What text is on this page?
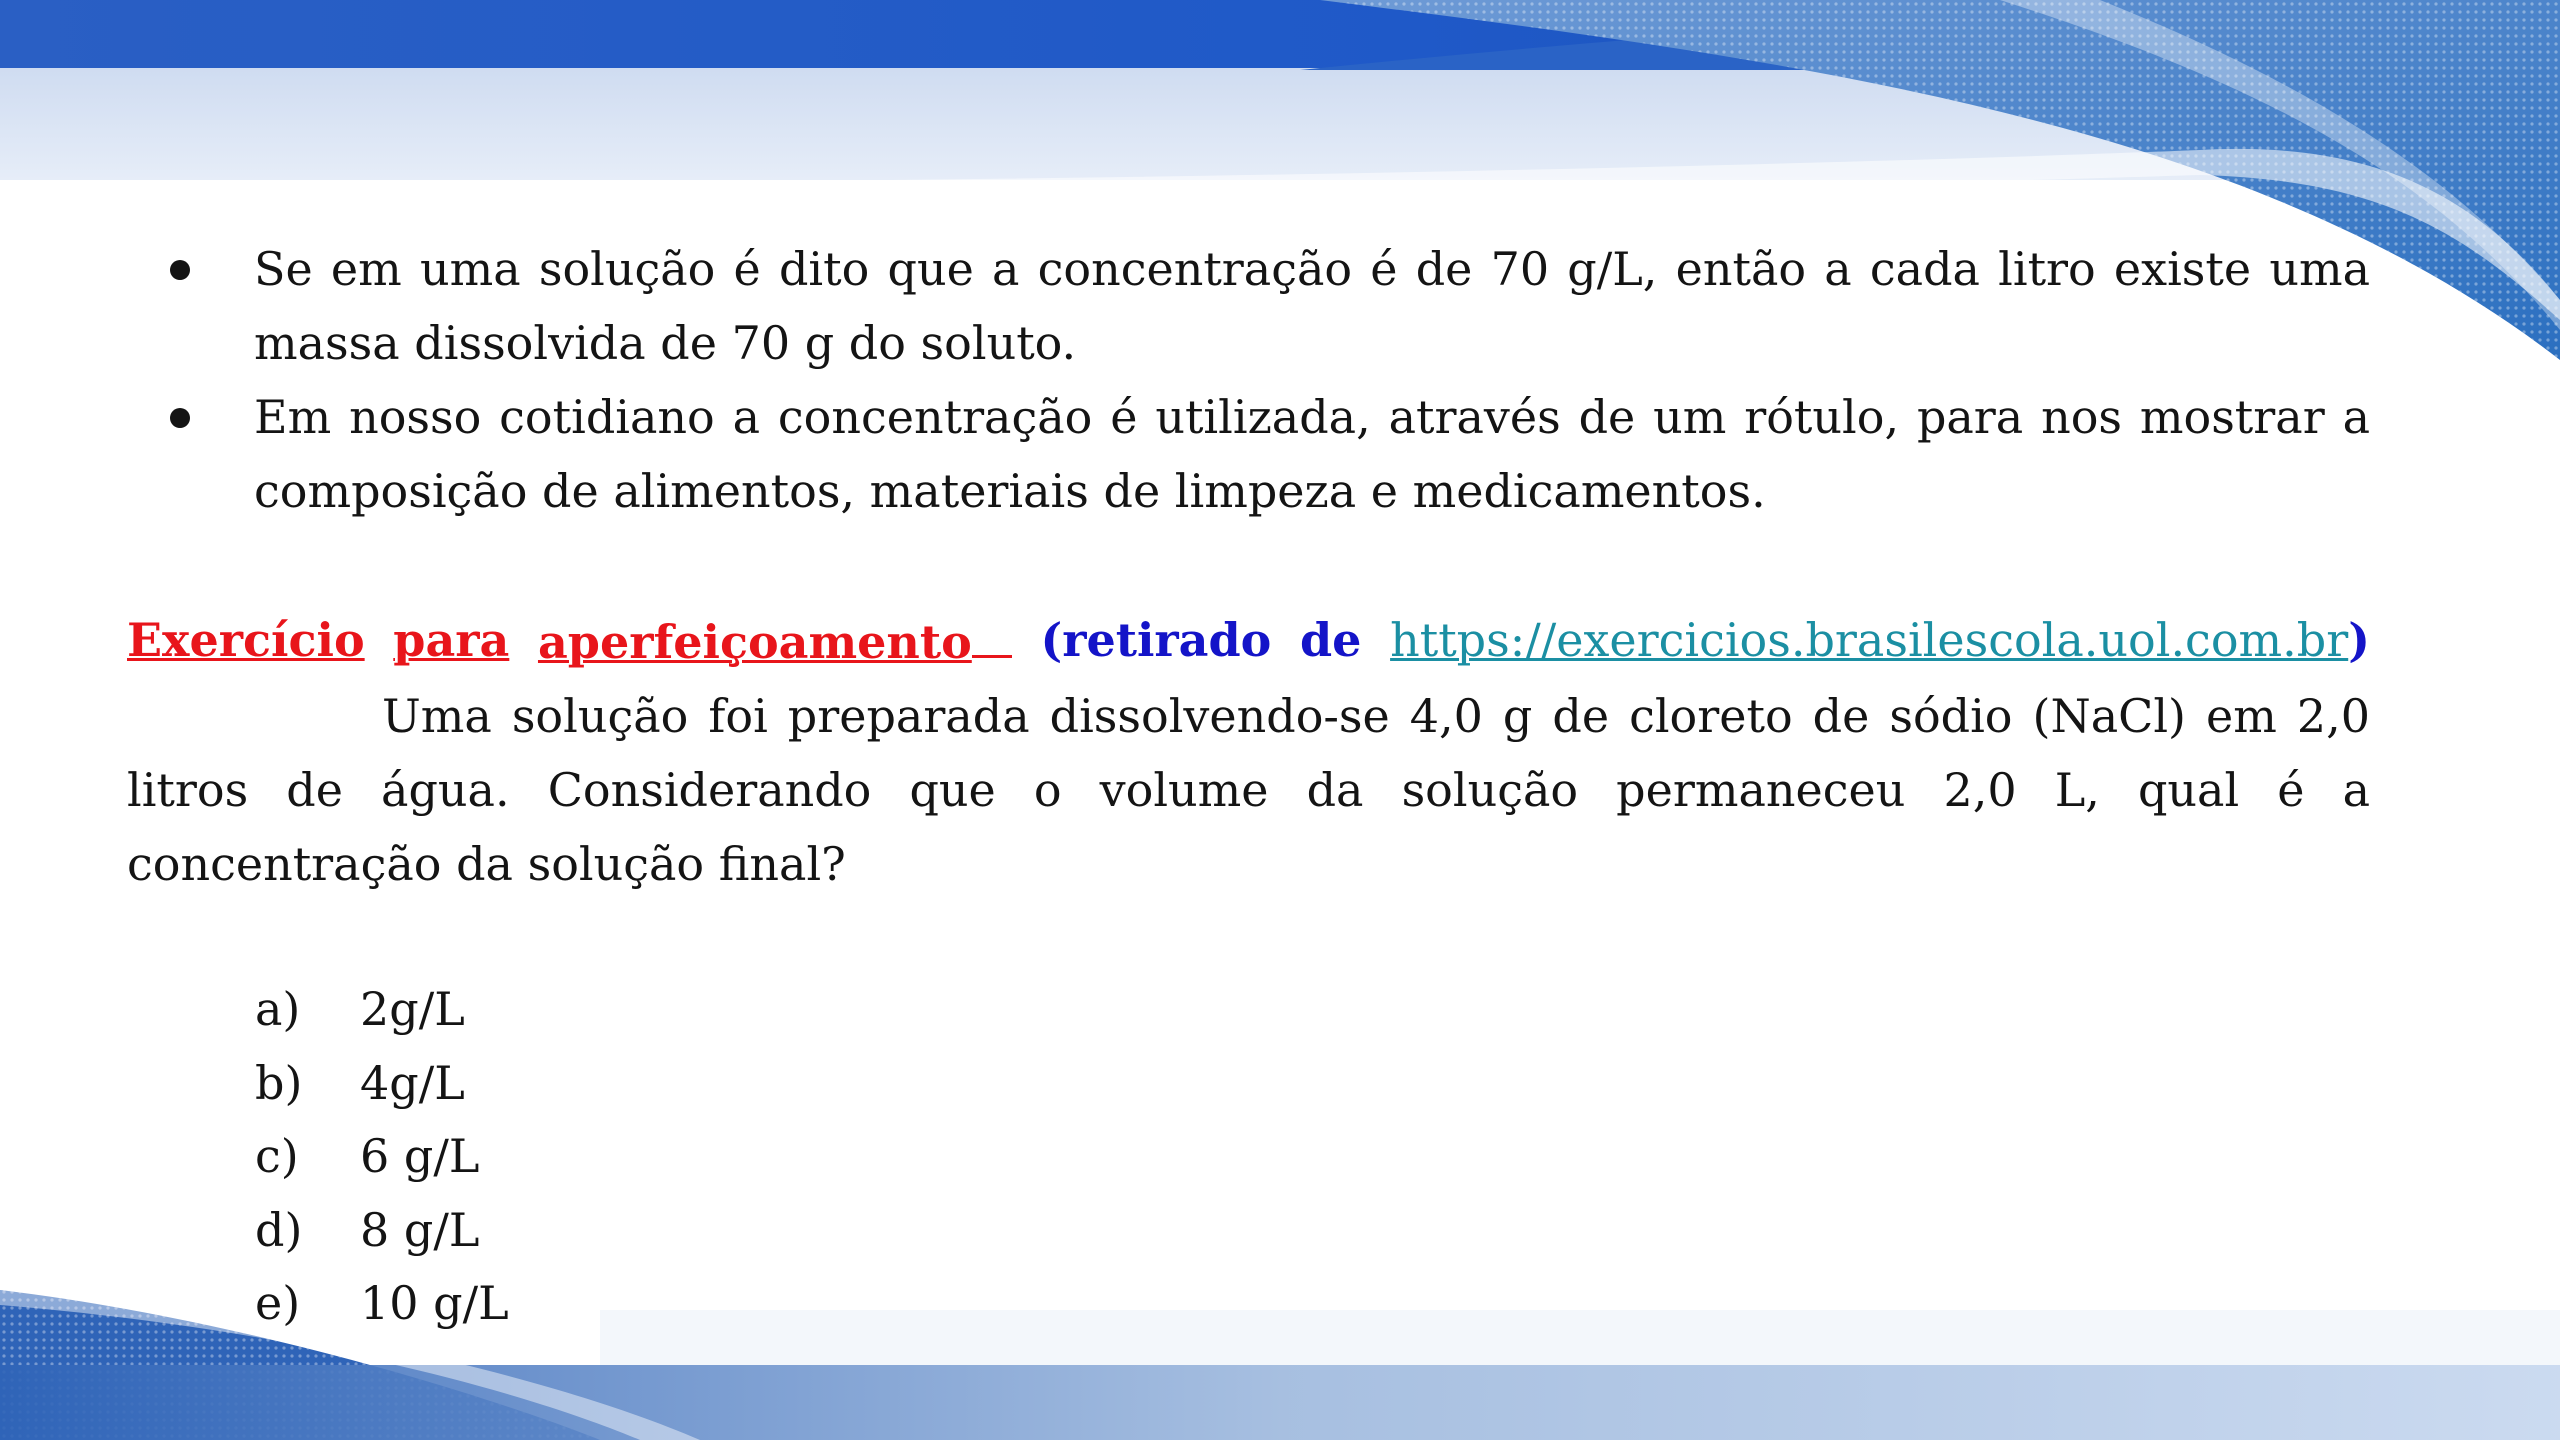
Se em uma solução é dito que a concentração é de 70 g/L, então a cada litro existe uma massa dissolvida de 70 g do soluto.
Em nosso cotidiano a concentração é utilizada, através de um rótulo, para nos mostrar a composição de alimentos, materiais de limpeza e medicamentos.
Exercício para aperfeiçoamento	(retirado de https://exercicios.brasilescola.uol.com.br)

Uma solução foi preparada dissolvendo-se 4,0 g de cloreto de sódio (NaCl) em 2,0 litros de água. Considerando que o volume da solução permaneceu 2,0 L, qual é a concentração da solução final?

a)	2g/L
b)	4g/L
c)	6 g/L
d)	8 g/L
e)	10 g/L
